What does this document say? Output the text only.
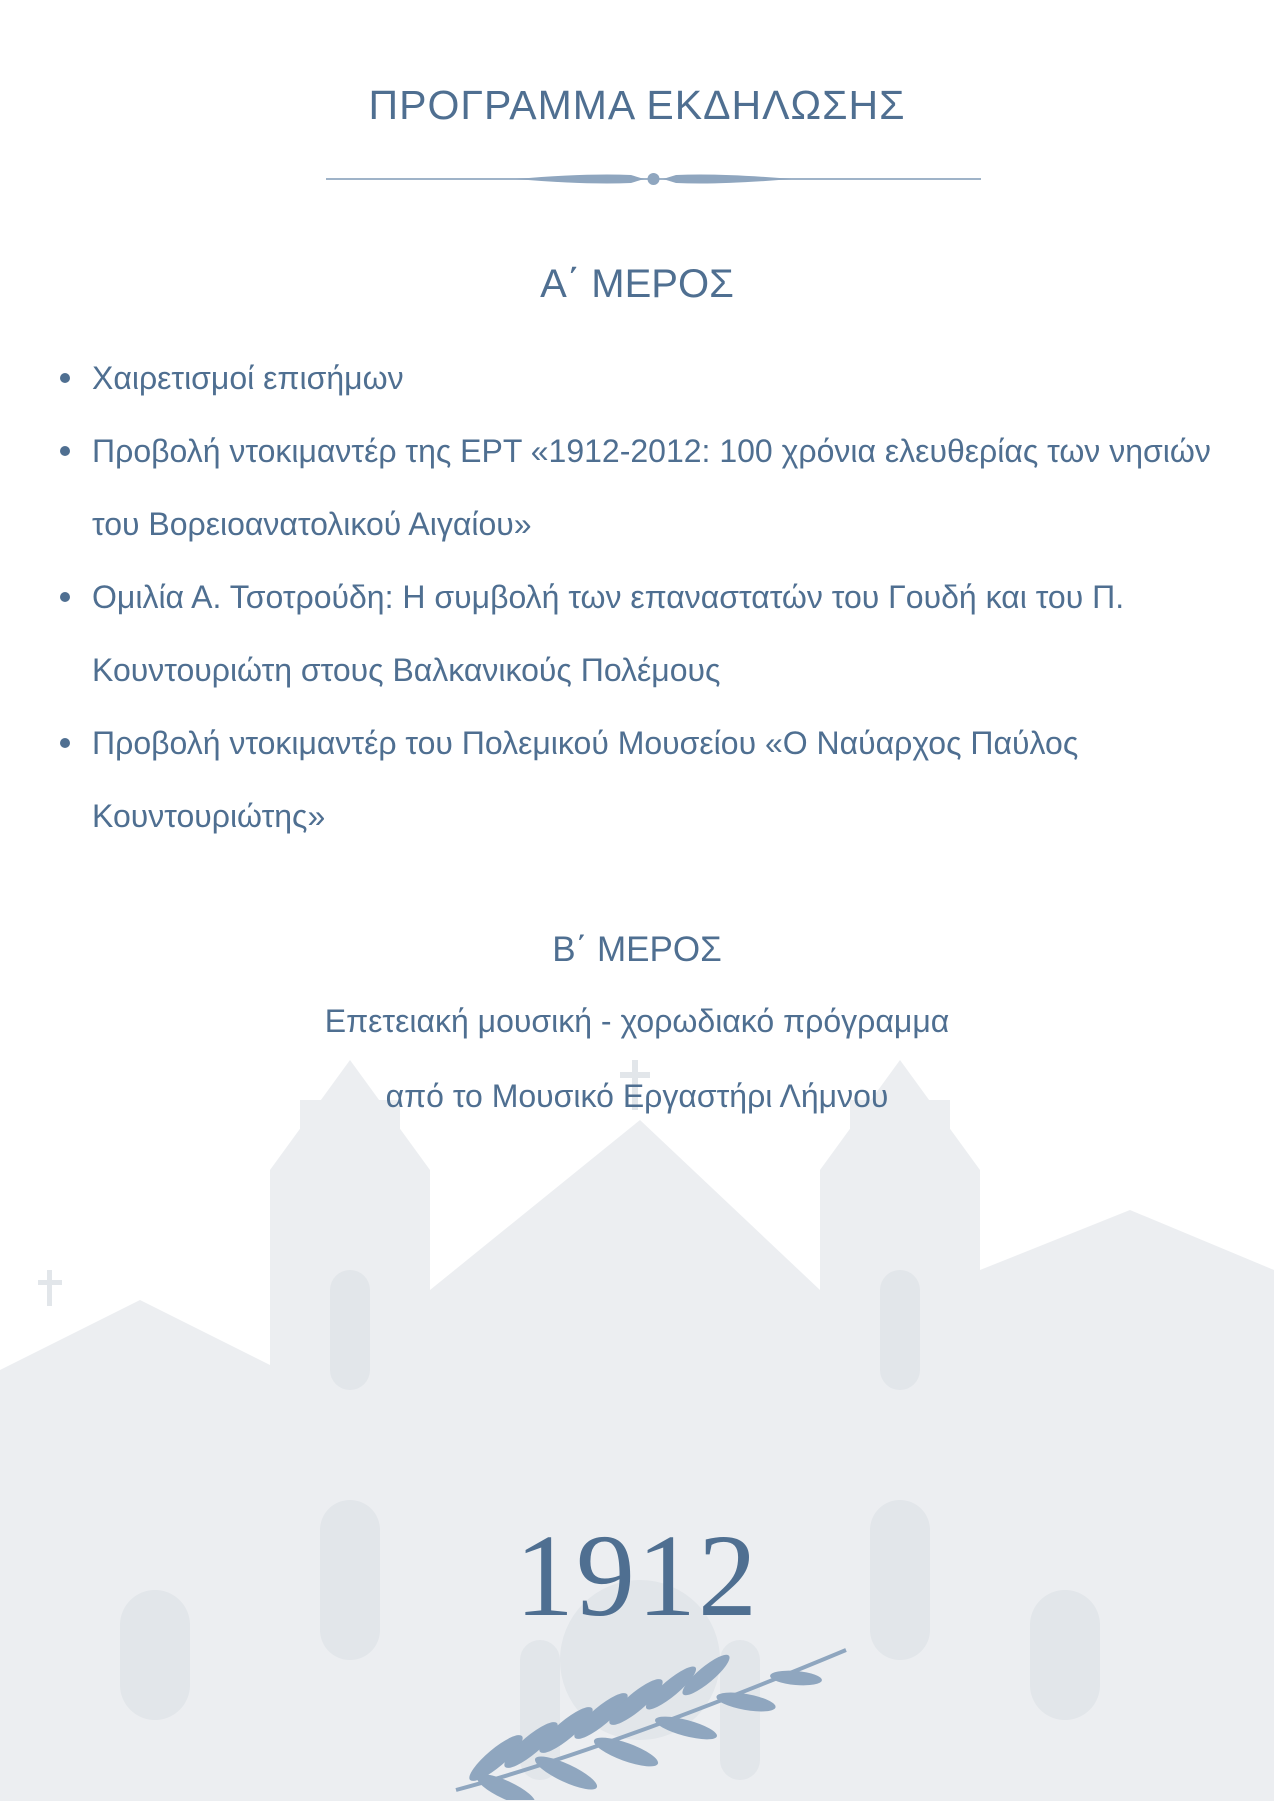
ΠΡΟΓΡΑΜΜΑ ΕΚΔΗΛΩΣΗΣ
Α΄ ΜΕΡΟΣ
Χαιρετισμοί επισήμων
Προβολή ντοκιμαντέρ της ΕΡΤ «1912-2012: 100 χρόνια ελευθερίας των νησιών του Βορειοανατολικού Αιγαίου»
Ομιλία Α. Τσοτρούδη: Η συμβολή των επαναστατών του Γουδή και του Π. Κουντουριώτη στους Βαλκανικούς Πολέμους
Προβολή ντοκιμαντέρ του Πολεμικού Μουσείου «Ο Ναύαρχος Παύλος Κουντουριώτης»
Β΄ ΜΕΡΟΣ
Επετειακή μουσική - χορωδιακό πρόγραμμα
από το Μουσικό Εργαστήρι Λήμνου
1912
